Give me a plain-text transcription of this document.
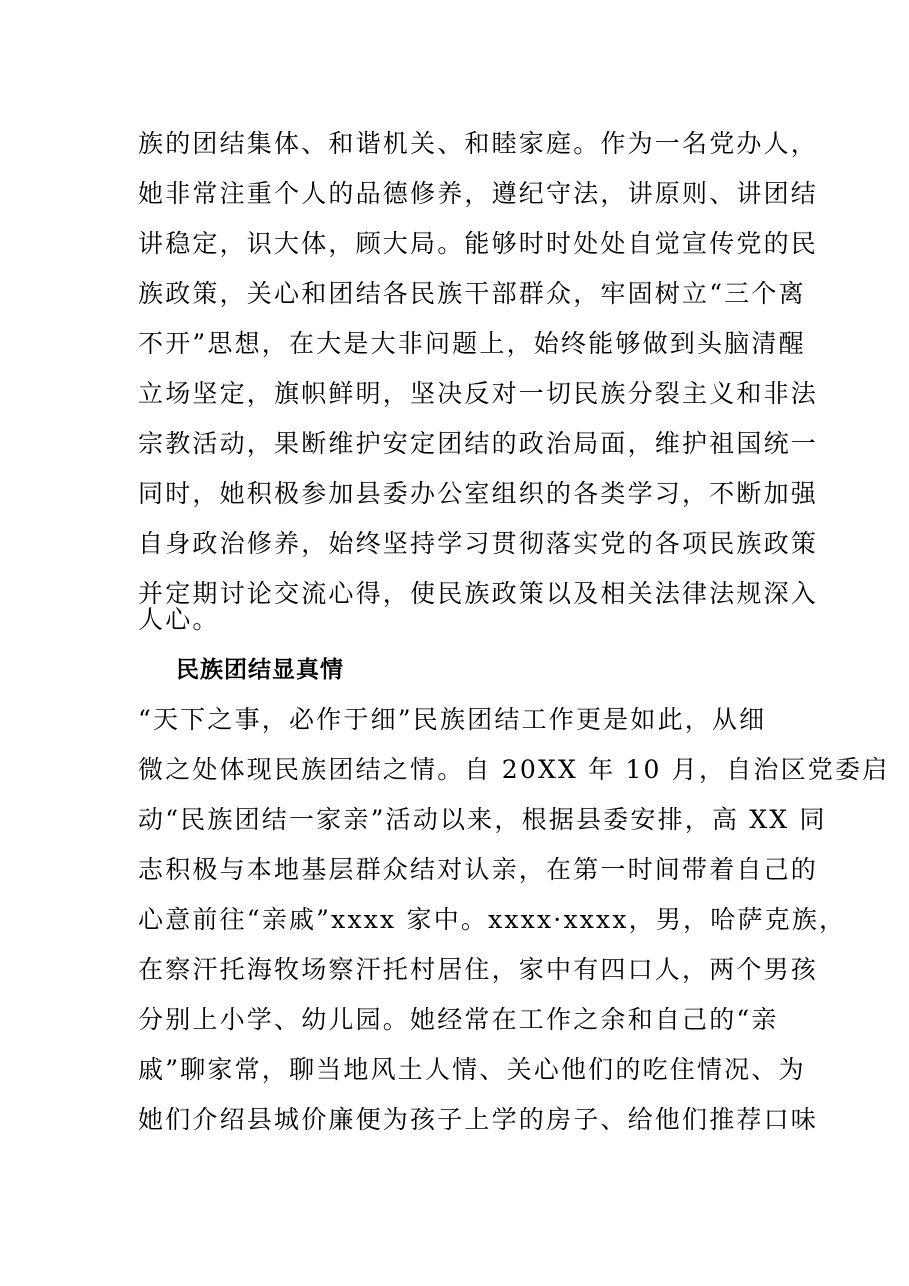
族的团结集体、和谐机关、和睦家庭。作为一名党办人，
她非常注重个人的品德修养，遵纪守法，讲原则、讲团结
讲稳定，识大体，顾大局。能够时时处处自觉宣传党的民
族政策，关心和团结各民族干部群众，牢固树立“三个离
不开”思想，在大是大非问题上，始终能够做到头脑清醒
立场坚定，旗帜鲜明，坚决反对一切民族分裂主义和非法
宗教活动，果断维护安定团结的政治局面，维护祖国统一
同时，她积极参加县委办公室组织的各类学习，不断加强
自身政治修养，始终坚持学习贯彻落实党的各项民族政策
并定期讨论交流心得，使民族政策以及相关法律法规深入
人心。
民族团结显真情
“天下之事，必作于细”民族团结工作更是如此，从细
微之处体现民族团结之情。自 20XX 年 10 月，自治区党委启
动“民族团结一家亲”活动以来，根据县委安排，高 XX 同
志积极与本地基层群众结对认亲，在第一时间带着自己的
心意前往“亲戚”xxxx 家中。xxxx·xxxx，男，哈萨克族，
在察汗托海牧场察汗托村居住，家中有四口人，两个男孩
分别上小学、幼儿园。她经常在工作之余和自己的“亲
戚”聊家常，聊当地风土人情、关心他们的吃住情况、为
她们介绍县城价廉便为孩子上学的房子、给他们推荐口味
